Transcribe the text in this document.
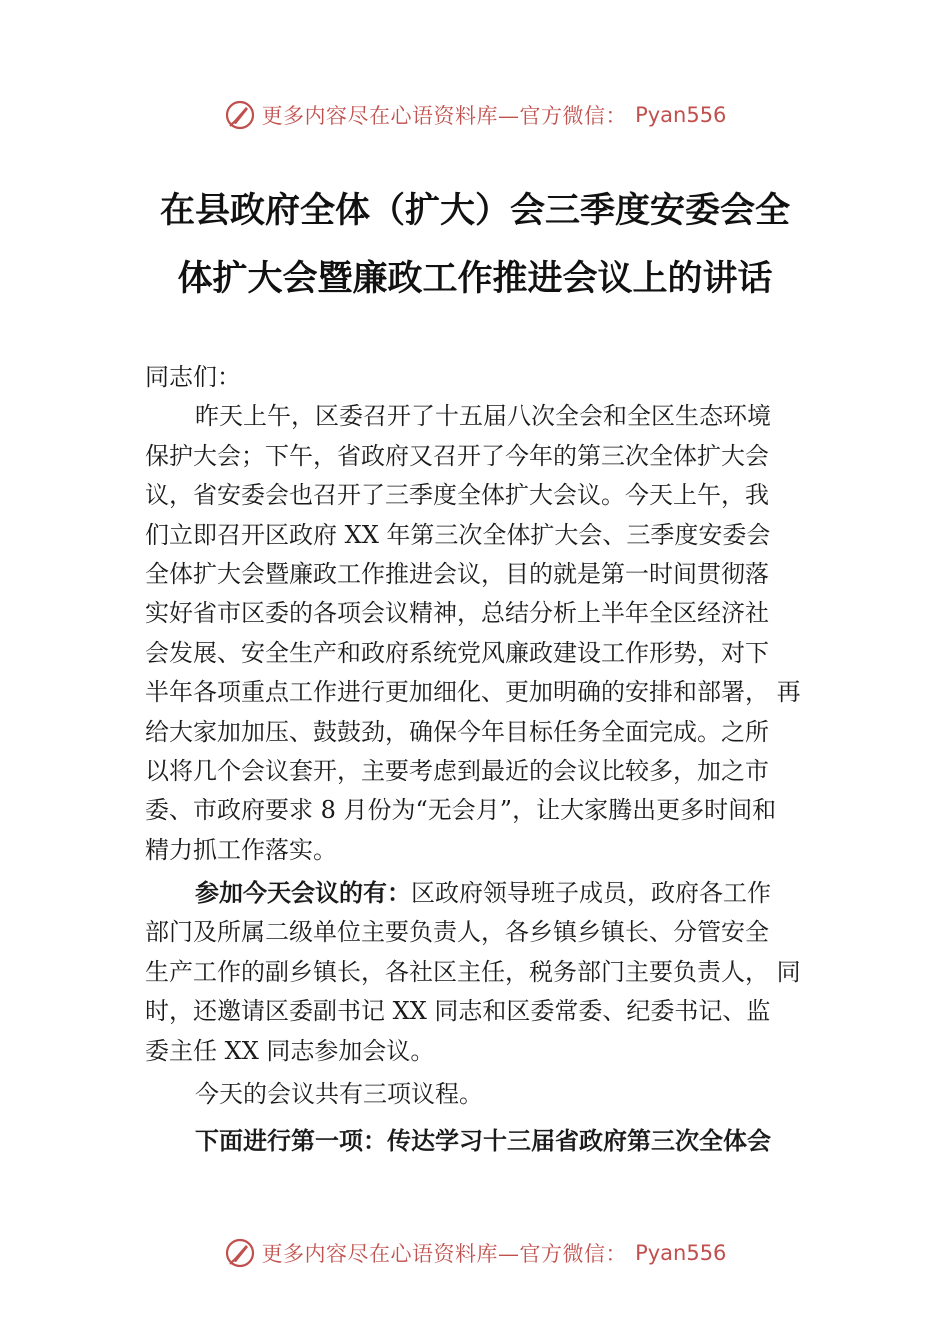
更多内容尽在心语资料库—官方微信： Pyan556
在县政府全体（扩大）会三季度安委会全
体扩大会暨廉政工作推进会议上的讲话
同志们：
昨天上午，区委召开了十五届八次全会和全区生态环境
保护大会；下午，省政府又召开了今年的第三次全体扩大会
议，省安委会也召开了三季度全体扩大会议。今天上午，我
们立即召开区政府 XX 年第三次全体扩大会、三季度安委会
全体扩大会暨廉政工作推进会议，目的就是第一时间贯彻落
实好省市区委的各项会议精神，总结分析上半年全区经济社
会发展、安全生产和政府系统党风廉政建设工作形势，对下
半年各项重点工作进行更加细化、更加明确的安排和部署， 再
给大家加加压、鼓鼓劲，确保今年目标任务全面完成。之所
以将几个会议套开，主要考虑到最近的会议比较多，加之市
委、市政府要求 8 月份为“无会月”，让大家腾出更多时间和
精力抓工作落实。
参加今天会议的有：区政府领导班子成员，政府各工作
部门及所属二级单位主要负责人，各乡镇乡镇长、分管安全
生产工作的副乡镇长，各社区主任，税务部门主要负责人， 同
时，还邀请区委副书记 XX 同志和区委常委、纪委书记、监
委主任 XX 同志参加会议。
今天的会议共有三项议程。
下面进行第一项：传达学习十三届省政府第三次全体会
更多内容尽在心语资料库—官方微信： Pyan556
